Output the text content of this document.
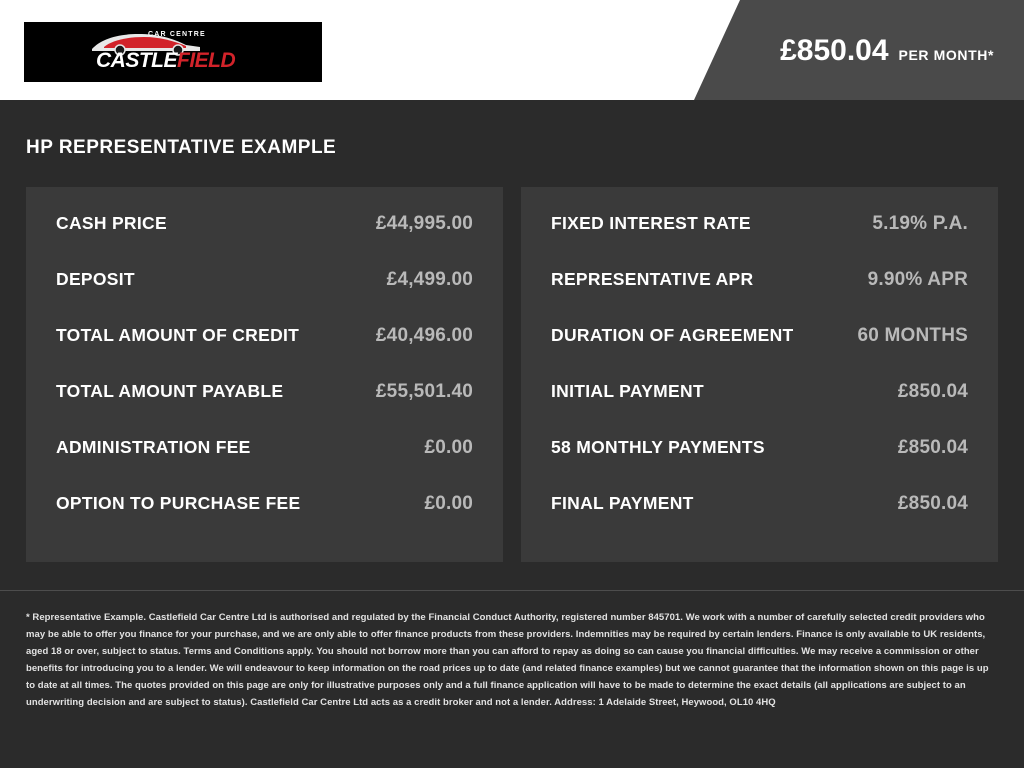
CAR CENTRE
CASTLEFIELD	£850.04 PER MONTH*
HP REPRESENTATIVE EXAMPLE
CASH PRICE	£44,995.00
DEPOSIT	£4,499.00
TOTAL AMOUNT OF CREDIT	£40,496.00
TOTAL AMOUNT PAYABLE	£55,501.40
ADMINISTRATION FEE	£0.00
OPTION TO PURCHASE FEE	£0.00
FIXED INTEREST RATE	5.19% P.A.
REPRESENTATIVE APR	9.90% APR
DURATION OF AGREEMENT	60 MONTHS
INITIAL PAYMENT	£850.04
58 MONTHLY PAYMENTS	£850.04
FINAL PAYMENT	£850.04
* Representative Example. Castlefield Car Centre Ltd is authorised and regulated by the Financial Conduct Authority, registered number 845701. We work with a number of carefully selected credit providers who may be able to offer you finance for your purchase, and we are only able to offer finance products from these providers. Indemnities may be required by certain lenders. Finance is only available to UK residents, aged 18 or over, subject to status. Terms and Conditions apply. You should not borrow more than you can afford to repay as doing so can cause you financial difficulties. We may receive a commission or other benefits for introducing you to a lender. We will endeavour to keep information on the road prices up to date (and related finance examples) but we cannot guarantee that the information shown on this page is up to date at all times. The quotes provided on this page are only for illustrative purposes only and a full finance application will have to be made to determine the exact details (all applications are subject to an underwriting decision and are subject to status). Castlefield Car Centre Ltd acts as a credit broker and not a lender. Address: 1 Adelaide Street, Heywood, OL10 4HQ
